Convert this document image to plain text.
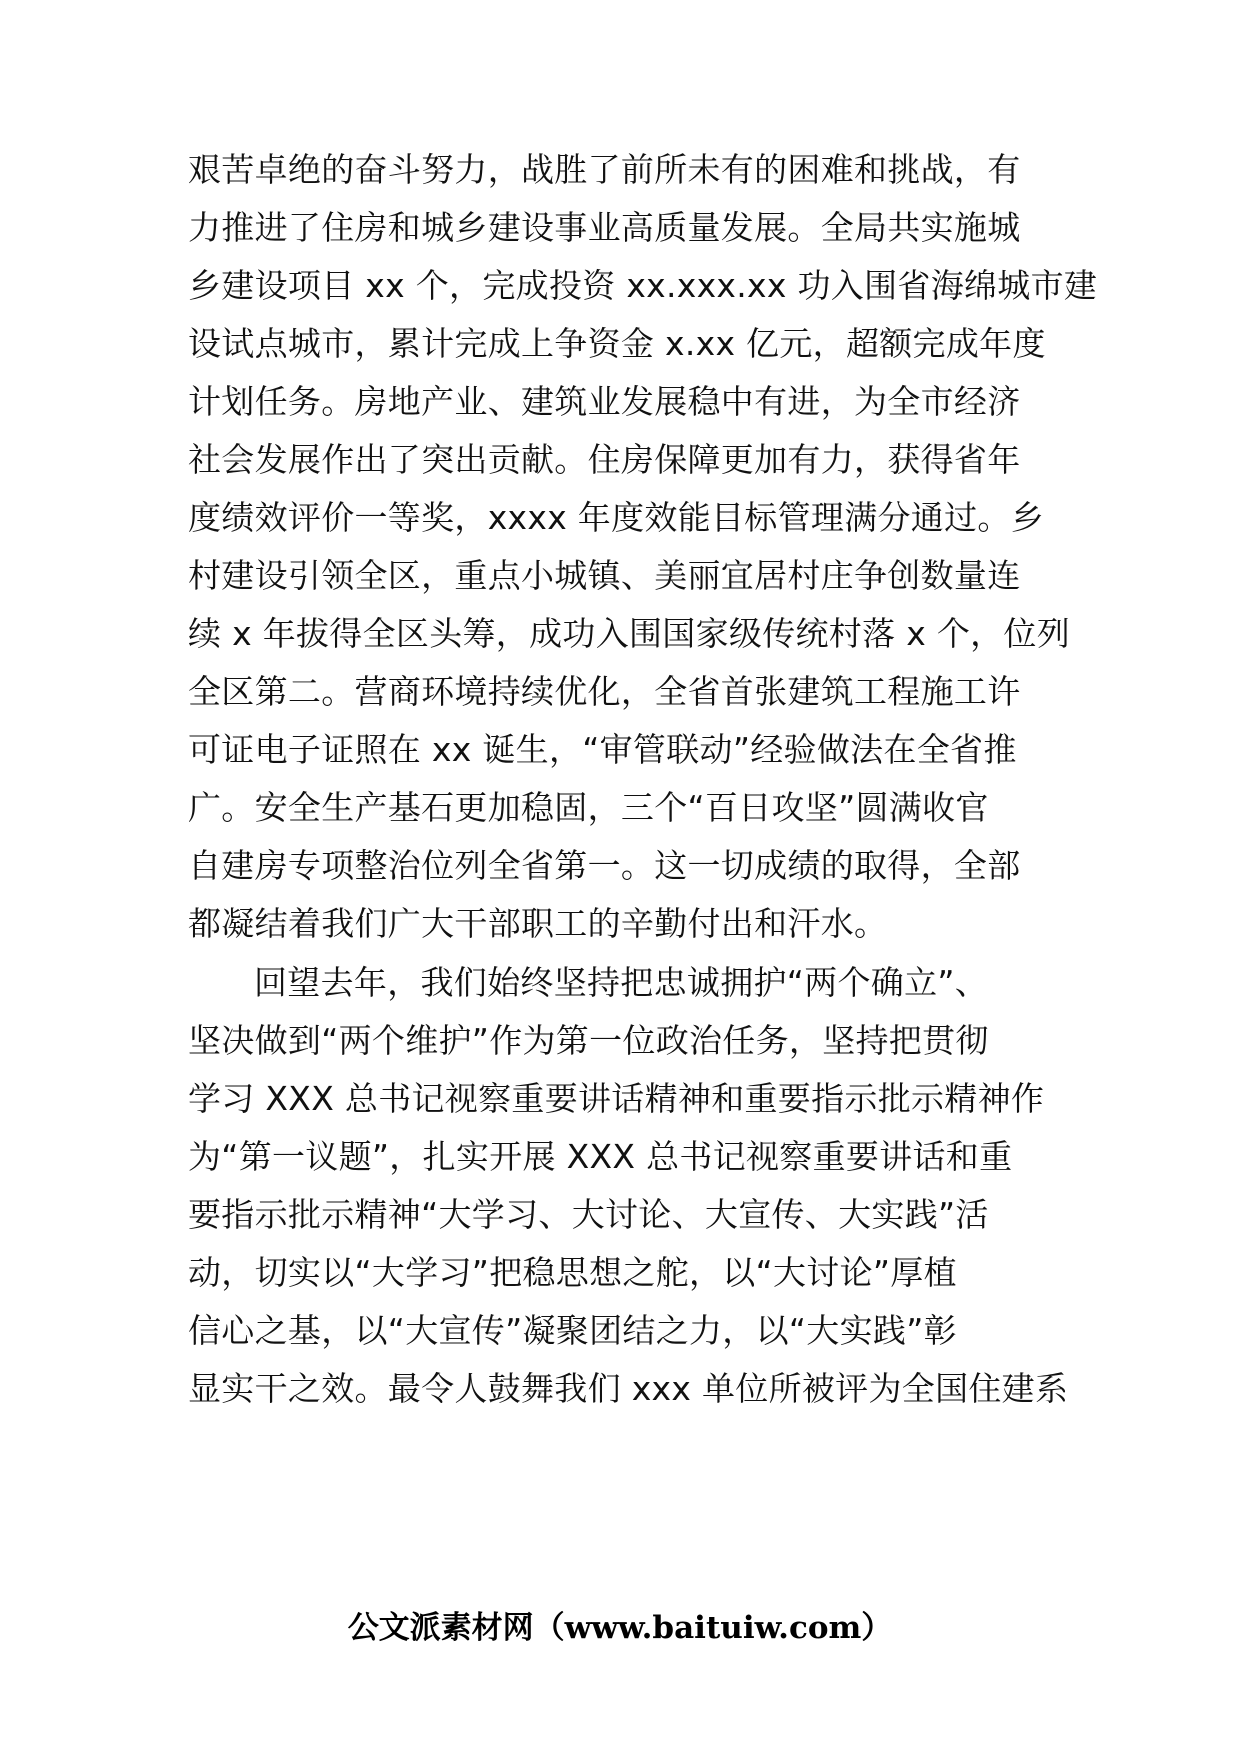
艰苦卓绝的奋斗努力，战胜了前所未有的困难和挑战，有
力推进了住房和城乡建设事业高质量发展。全局共实施城
乡建设项目 xx 个，完成投资 xx.xxx.xx 功入围省海绵城市建
设试点城市，累计完成上争资金 x.xx 亿元，超额完成年度
计划任务。房地产业、建筑业发展稳中有进，为全市经济
社会发展作出了突出贡献。住房保障更加有力，获得省年
度绩效评价一等奖，xxxx 年度效能目标管理满分通过。乡
村建设引领全区，重点小城镇、美丽宜居村庄争创数量连
续 x 年拔得全区头筹，成功入围国家级传统村落 x 个，位列
全区第二。营商环境持续优化，全省首张建筑工程施工许
可证电子证照在 xx 诞生，“审管联动”经验做法在全省推
广。安全生产基石更加稳固，三个“百日攻坚”圆满收官
自建房专项整治位列全省第一。这一切成绩的取得，全部
都凝结着我们广大干部职工的辛勤付出和汗水。
回望去年，我们始终坚持把忠诚拥护“两个确立”、
坚决做到“两个维护”作为第一位政治任务，坚持把贯彻
学习 XXX 总书记视察重要讲话精神和重要指示批示精神作
为“第一议题”，扎实开展 XXX 总书记视察重要讲话和重
要指示批示精神“大学习、大讨论、大宣传、大实践”活
动，切实以“大学习”把稳思想之舵，以“大讨论”厚植
信心之基，以“大宣传”凝聚团结之力，以“大实践”彰
显实干之效。最令人鼓舞我们 xxx 单位所被评为全国住建系
公文派素材网（www.baituiw.com）
